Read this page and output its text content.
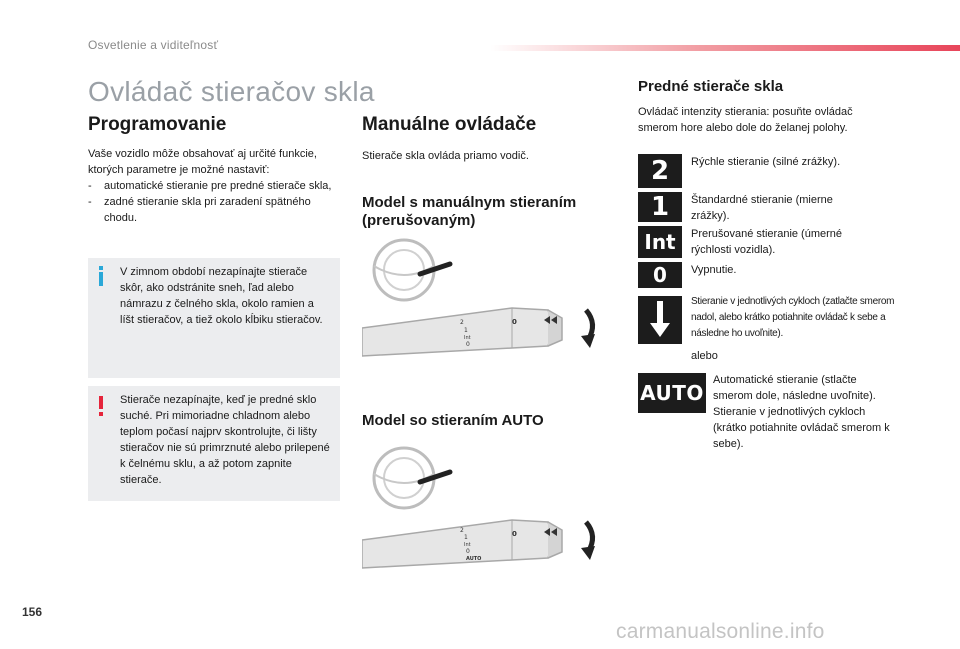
Osvetlenie a viditeľnosť
Ovládač stieračov skla
Programovanie
Vaše vozidlo môže obsahovať aj určité funkcie, ktorých parametre je možné nastaviť:
- automatické stieranie pre predné stierače skla,
- zadné stieranie skla pri zaradení spätného chodu.
V zimnom období nezapínajte stierače skôr, ako odstránite sneh, ľad alebo námrazu z čelného skla, okolo ramien a líšt stieračov, a tiež okolo kĺbiku stieračov.
Stierače nezapínajte, keď je predné sklo suché. Pri mimoriadne chladnom alebo teplom počasí najprv skontrolujte, či lišty stieračov nie sú primrznuté alebo prilepené k čelnému sklu, a až potom zapnite stierače.
Manuálne ovládače
Stierače skla ovláda priamo vodič.
Model s manuálnym stieraním (prerušovaným)
2
1
Int
0
0
Model so stieraním AUTO
2
1
Int
0
AUTO
0
Predné stierače skla
Ovládač intenzity stierania: posuňte ovládač smerom hore alebo dole do želanej polohy.
2	Rýchle stieranie (silné zrážky).
1	Štandardné stieranie (mierne zrážky).
Int	Prerušované stieranie (úmerné rýchlosti vozidla).
0	Vypnutie.
Stieranie v jednotlivých cykloch (zatlačte smerom nadol, alebo krátko potiahnite ovládač k sebe a následne ho uvoľnite).
alebo
AUTO
Automatické stieranie (stlačte smerom dole, následne uvoľnite). Stieranie v jednotlivých cykloch (krátko potiahnite ovládač smerom k sebe).
156
carmanualsonline.info
